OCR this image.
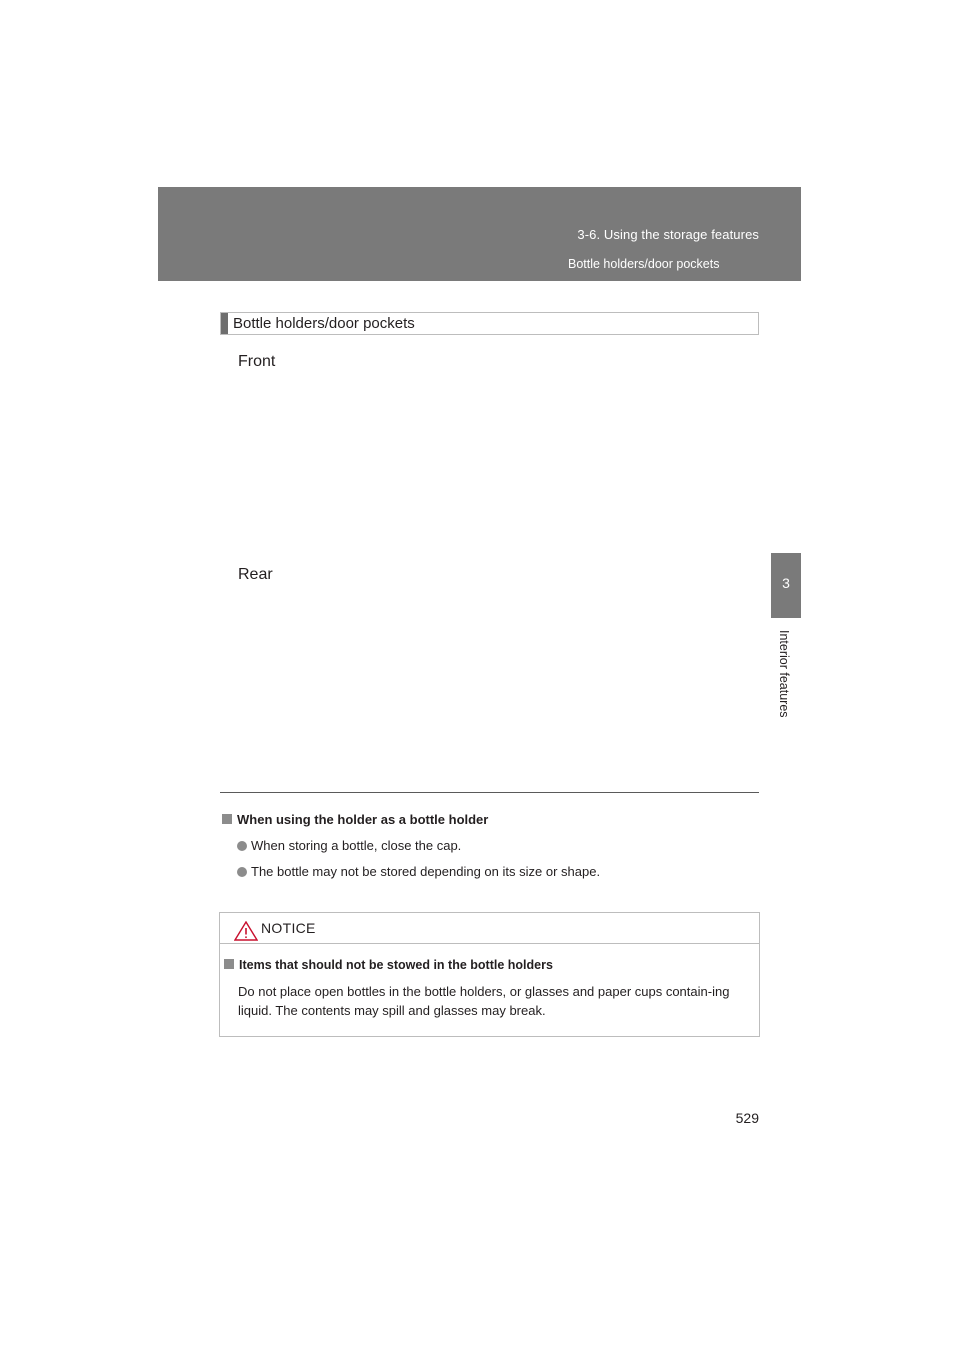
3-6. Using the storage features
Bottle holders/door pockets
3
Interior features
Bottle holders/door pockets
Front
Rear
When using the holder as a bottle holder
When storing a bottle, close the cap.
The bottle may not be stored depending on its size or shape.
NOTICE
Items that should not be stowed in the bottle holders
Do not place open bottles in the bottle holders, or glasses and paper cups contain-ing liquid. The contents may spill and glasses may break.
529
